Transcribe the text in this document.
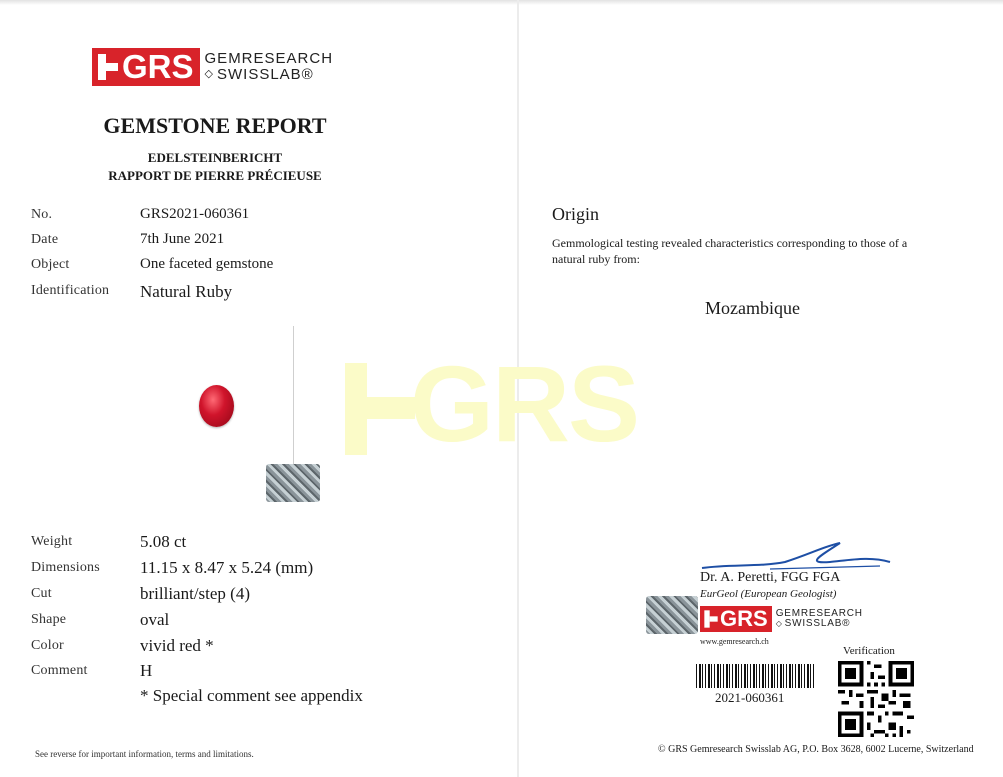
GRS
GRS GEMRESEARCH
◇ SWISSLAB®
GEMSTONE REPORT
EDELSTEINBERICHT
RAPPORT DE PIERRE PRÉCIEUSE
No.	GRS2021-060361
Date	7th June 2021
Object	One faceted gemstone
Identification Natural Ruby
Weight	5.08 ct
Dimensions 11.15 x 8.47 x 5.24 (mm)
Cut	brilliant/step (4)
Shape	oval
Color	vivid red *
Comment	H
* Special comment see appendix
See reverse for important information, terms and limitations.
Origin
Gemmological testing revealed characteristics corresponding to those of a natural ruby from:
Mozambique
Dr. A. Peretti, FGG FGA
EurGeol (European Geologist)
GRS GEMRESEARCH
◇ SWISSLAB®
www.gemresearch.ch
Verification
2021-060361
© GRS Gemresearch Swisslab AG, P.O. Box 3628, 6002 Lucerne, Switzerland
